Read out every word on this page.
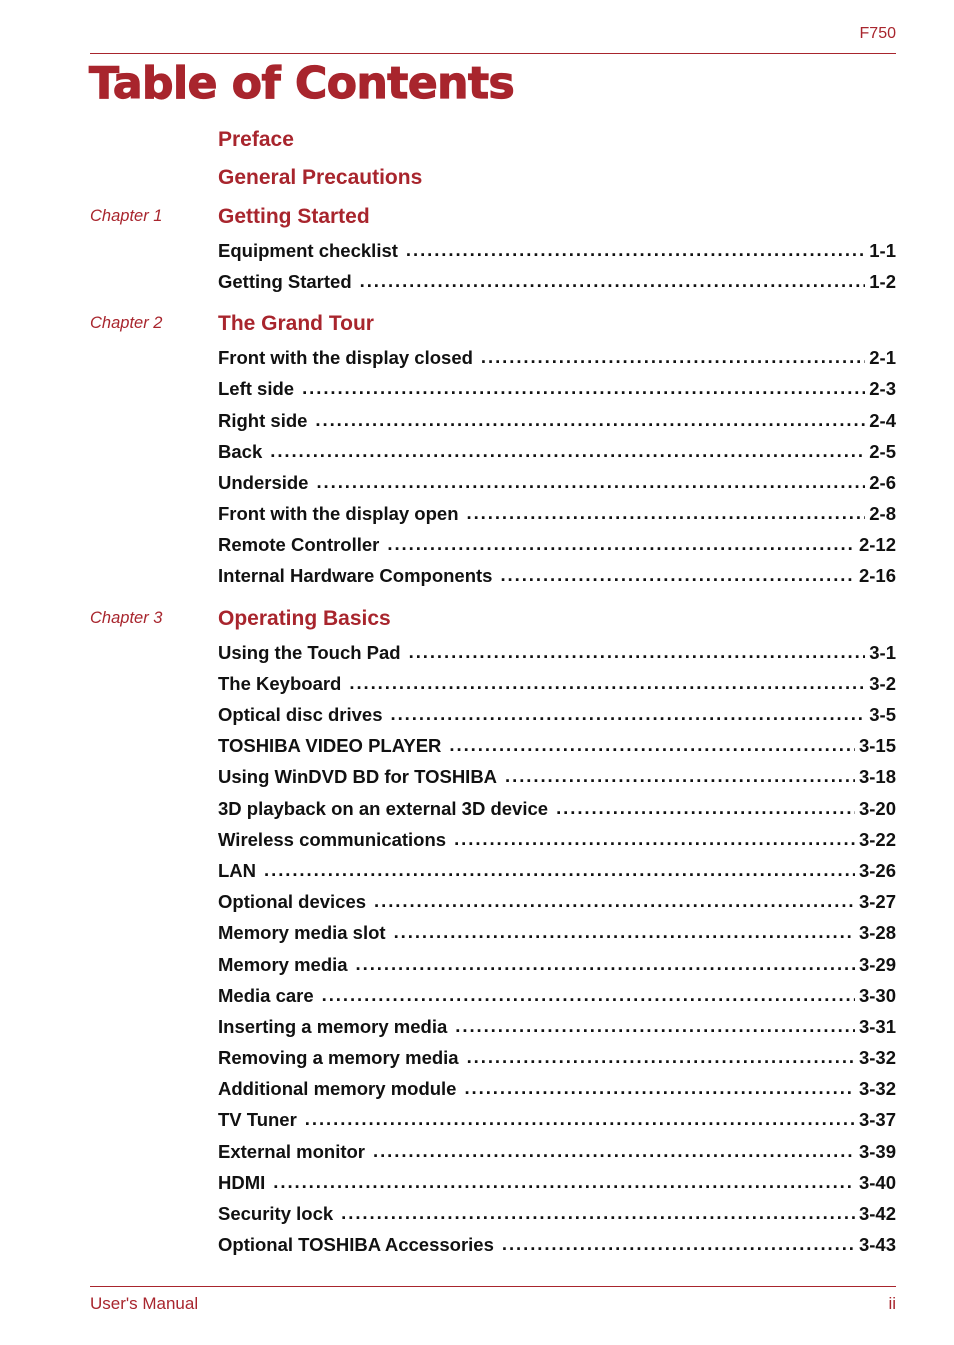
F750
Table of Contents
Preface
General Precautions
Chapter 1	Getting Started
Equipment checklist . . .	1-1
Getting Started . . .	1-2
Chapter 2	The Grand Tour
Front with the display closed . . .	2-1
Left side . . .	2-3
Right side . . .	2-4
Back . . .	2-5
Underside . . .	2-6
Front with the display open . . .	2-8
Remote Controller . . .	2-12
Internal Hardware Components . . .	2-16
Chapter 3	Operating Basics
Using the Touch Pad . . .	3-1
The Keyboard . . .	3-2
Optical disc drives . . .	3-5
TOSHIBA VIDEO PLAYER . . .	3-15
Using WinDVD BD for TOSHIBA . . .	3-18
3D playback on an external 3D device . . .	3-20
Wireless communications . . .	3-22
LAN . . .	3-26
Optional devices . . .	3-27
Memory media slot . . .	3-28
Memory media . . .	3-29
Media care . . .	3-30
Inserting a memory media . . .	3-31
Removing a memory media . . .	3-32
Additional memory module . . .	3-32
TV Tuner . . .	3-37
External monitor . . .	3-39
HDMI . . .	3-40
Security lock . . .	3-42
Optional TOSHIBA Accessories . . .	3-43
User's Manual	ii
